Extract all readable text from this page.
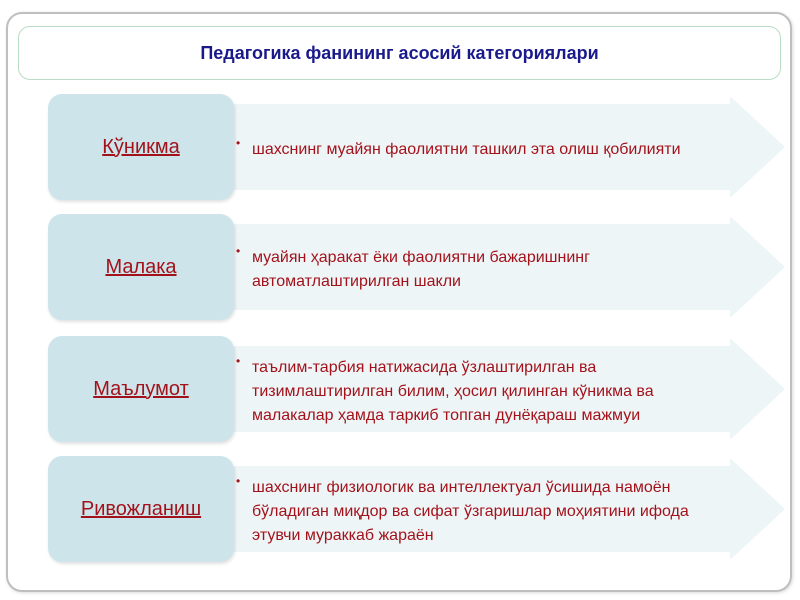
Педагогика фанининг асосий категориялари
Кўникма	• шахснинг муайян фаолиятни ташкил эта олиш қобилияти
Малака
• муайян ҳаракат ёки фаолиятни бажаришнинг автоматлаштирилган шакли
Маълумот
• таълим-тарбия натижасида ўзлаштирилган ва тизимлаштирилган билим, ҳосил қилинган кўникма ва малакалар ҳамда таркиб топган дунёқараш мажмуи
Ривожланиш
• шахснинг физиологик ва интеллектуал ўсишида намоён бўладиган миқдор ва сифат ўзгаришлар моҳиятини ифода этувчи мураккаб жараён
